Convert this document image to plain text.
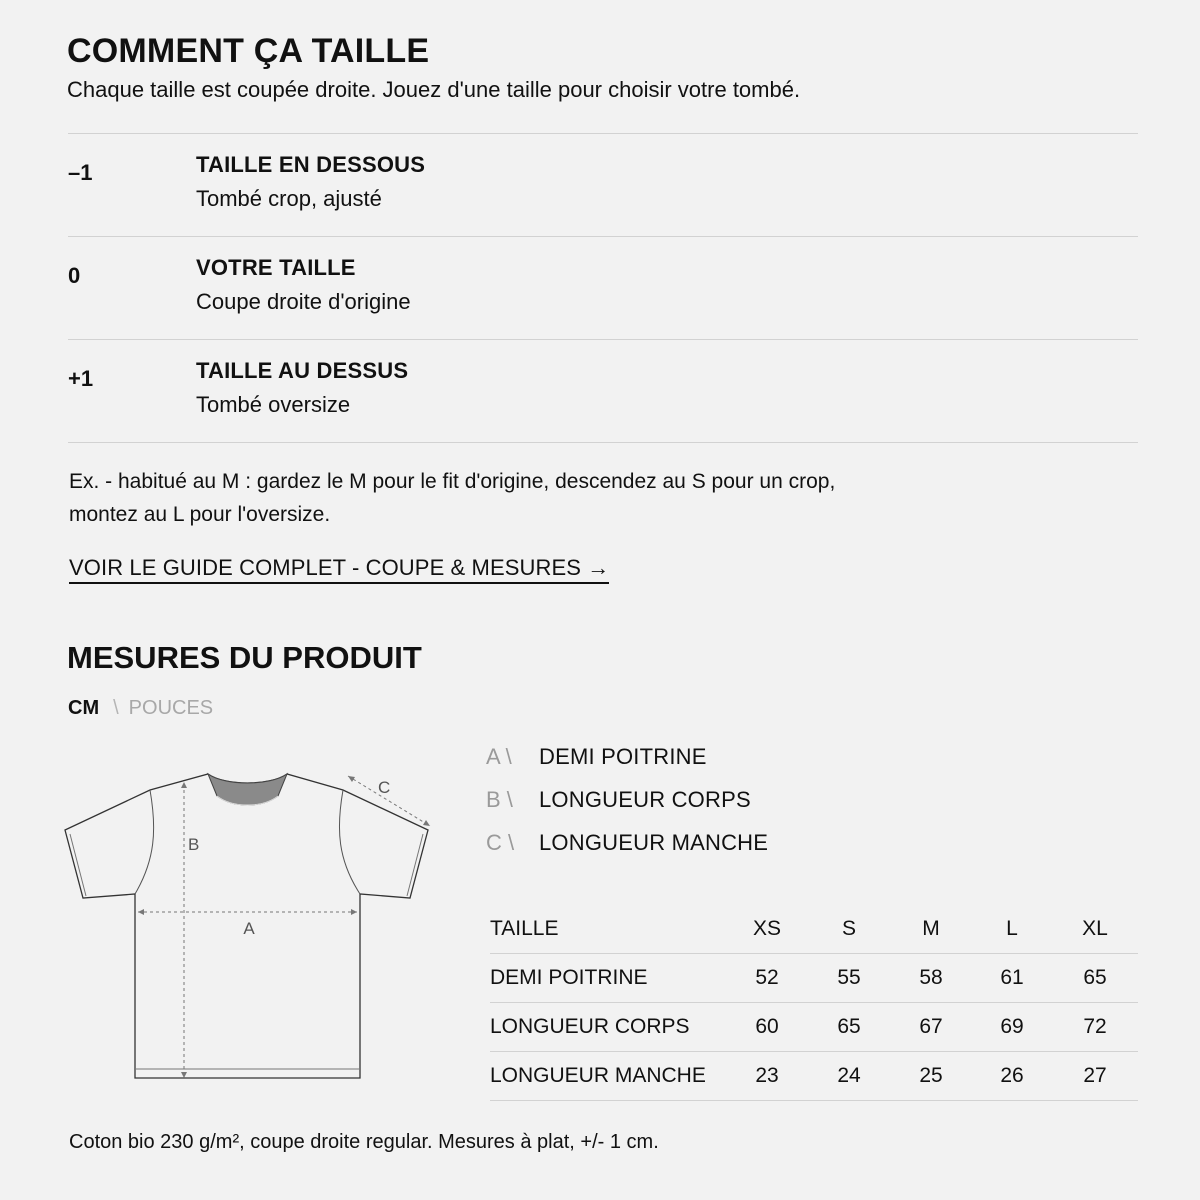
COMMENT ÇA TAILLE

Chaque taille est coupée droite. Jouez d'une taille pour choisir votre tombé.

–1	TAILLE EN DESSOUS
Tombé crop, ajusté
0	VOTRE TAILLE
Coupe droite d'origine
+1	TAILLE AU DESSUS
Tombé oversize

Ex. - habitué au M : gardez le M pour le fit d'origine, descendez au S pour un crop,
montez au L pour l'oversize.

VOIR LE GUIDE COMPLET - COUPE & MESURES →
MESURES DU PRODUIT
CM \ POUCES
A
B
C
A \	DEMI POITRINE
B \	LONGUEUR CORPS
C \	LONGUEUR MANCHE
TAILLE	XS	S	M	L	XL
DEMI POITRINE	52	55	58	61	65
LONGUEUR CORPS	60	65	67	69	72
LONGUEUR MANCHE	23	24	25	26	27

Coton bio 230 g/m², coupe droite regular. Mesures à plat, +/- 1 cm.
